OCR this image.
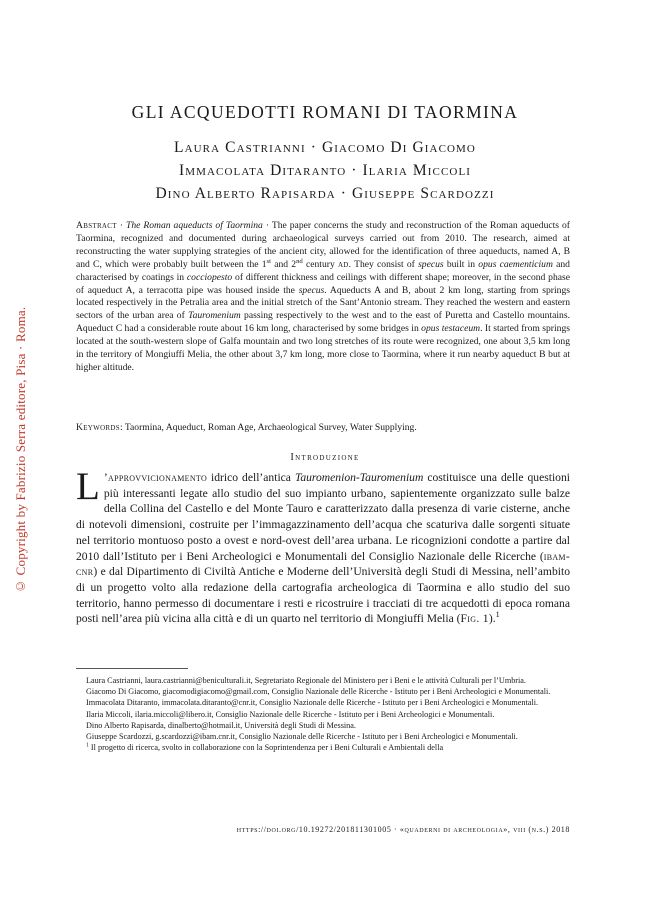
© Copyright by Fabrizio Serra editore, Pisa · Roma.
GLI ACQUEDOTTI ROMANI DI TAORMINA
Laura Castrianni · Giacomo Di Giacomo
Immacolata Ditaranto · Ilaria Miccoli
Dino Alberto Rapisarda · Giuseppe Scardozzi
Abstract · The Roman aqueducts of Taormina · The paper concerns the study and reconstruction of the Roman aqueducts of Taormina, recognized and documented during archaeological surveys carried out from 2010. The research, aimed at reconstructing the water supplying strategies of the ancient city, allowed for the identification of three aqueducts, named A, B and C, which were probably built between the 1st and 2nd century ad. They consist of specus built in opus caementicium and characterised by coatings in cocciopesto of different thickness and ceilings with different shape; moreover, in the second phase of aqueduct A, a terracotta pipe was housed inside the specus. Aqueducts A and B, about 2 km long, starting from springs located respectively in the Petralia area and the initial stretch of the Sant’Antonio stream. They reached the western and eastern sectors of the urban area of Tauromenium passing respectively to the west and to the east of Puretta and Castello mountains. Aqueduct C had a considerable route about 16 km long, characterised by some bridges in opus testaceum. It started from springs located at the south-western slope of Galfa mountain and two long stretches of its route were recognized, one about 3,5 km long in the territory of Mongiuffi Melia, the other about 3,7 km long, more close to Taormina, where it run nearby aqueduct B but at higher altitude.
Keywords: Taormina, Aqueduct, Roman Age, Archaeological Survey, Water Supplying.
Introduzione
L ’approvvicionamento idrico dell’antica Tauromenion-Tauromenium costituisce una delle questioni più interessanti legate allo studio del suo impianto urbano, sapientemente organizzato sulle balze della Collina del Castello e del Monte Tauro e caratterizzato dalla presenza di varie cisterne, anche di notevoli dimensioni, costruite per l’immagazzinamento dell’acqua che scaturiva dalle sorgenti situate nel territorio montuoso posto a ovest e nord-ovest dell’area urbana. Le ricognizioni condotte a partire dal 2010 dall’Istituto per i Beni Archeologici e Monumentali del Consiglio Nazionale delle Ricerche (ibam-cnr) e dal Dipartimento di Civiltà Antiche e Moderne dell’Università degli Studi di Messina, nell’ambito di un progetto volto alla redazione della cartografia archeologica di Taormina e allo studio del suo territorio, hanno permesso di documentare i resti e ricostruire i tracciati di tre acquedotti di epoca romana posti nell’area più vicina alla città e di un quarto nel territorio di Mongiuffi Melia (Fig. 1).$^1$

Laura Castrianni, laura.castrianni@beniculturali.it, Segretariato Regionale del Ministero per i Beni e le attività Culturali per l’Umbria.

Giacomo Di Giacomo, giacomodigiacomo@gmail.com, Consiglio Nazionale delle Ricerche - Istituto per i Beni Archeologici e Monumentali.

Immacolata Ditaranto, immacolata.ditaranto@cnr.it, Consiglio Nazionale delle Ricerche - Istituto per i Beni Archeologici e Monumentali.

Ilaria Miccoli, ilaria.miccoli@libero.it, Consiglio Nazionale delle Ricerche - Istituto per i Beni Archeologici e Monumentali.

Dino Alberto Rapisarda, dinalberto@hotmail.it, Università degli Studi di Messina.

Giuseppe Scardozzi, g.scardozzi@ibam.cnr.it, Consiglio Nazionale delle Ricerche - Istituto per i Beni Archeologici e Monumentali.

$^1$ Il progetto di ricerca, svolto in collaborazione con la Soprintendenza per i Beni Culturali e Ambientali della

https://doi.org/10.19272/201811301005 · «quaderni di archeologia», viii (n.s.) 2018
